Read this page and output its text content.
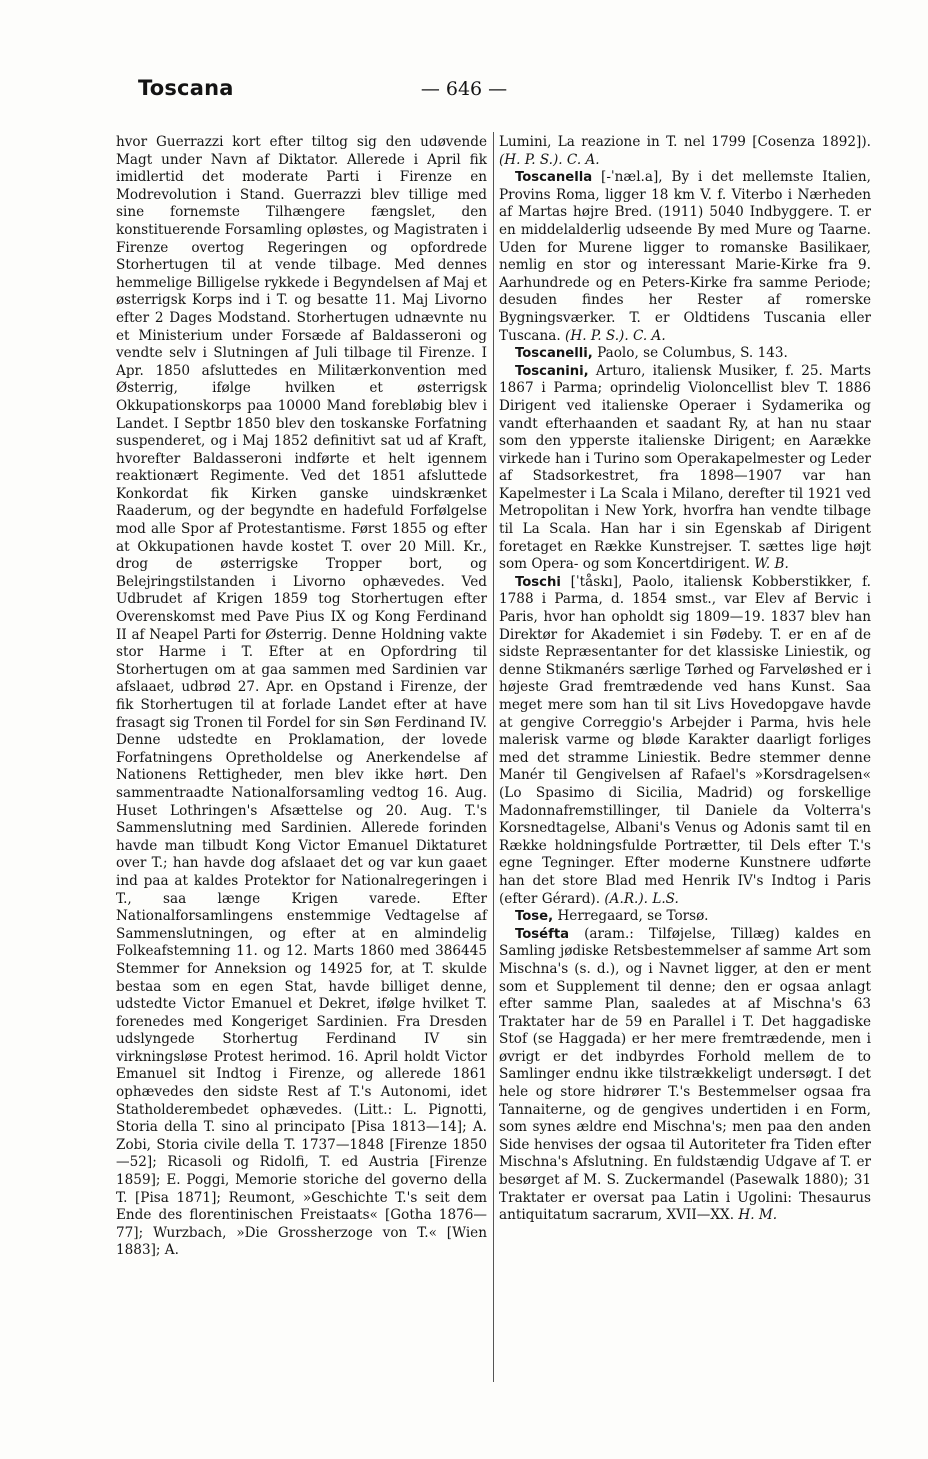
Toscana	— 646 —

hvor Guerrazzi kort efter tiltog sig den udøvende Magt under Navn af Diktator. Allerede i April fik imidlertid det moderate Parti i Firenze en Modrevolution i Stand. Guerrazzi blev tillige med sine fornemste Tilhængere fængslet, den konstituerende Forsamling opløstes, og Magistraten i Firenze overtog Regeringen og opfordrede Storhertugen til at vende tilbage. Med dennes hemmelige Billigelse rykkede i Begyndelsen af Maj et østerrigsk Korps ind i T. og besatte 11. Maj Livorno efter 2 Dages Modstand. Storhertugen udnævnte nu et Ministerium under Forsæde af Baldasseroni og vendte selv i Slutningen af Juli tilbage til Firenze. I Apr. 1850 afsluttedes en Militærkonvention med Østerrig, ifølge hvilken et østerrigsk Okkupationskorps paa 10000 Mand forebløbig blev i Landet. I Septbr 1850 blev den toskanske Forfatning suspenderet, og i Maj 1852 definitivt sat ud af Kraft, hvorefter Baldasseroni indførte et helt igennem reaktionært Regimente. Ved det 1851 afsluttede Konkordat fik Kirken ganske uindskrænket Raaderum, og der begyndte en hadefuld Forfølgelse mod alle Spor af Protestantisme. Først 1855 og efter at Okkupationen havde kostet T. over 20 Mill. Kr., drog de østerrigske Tropper bort, og Belejringstilstanden i Livorno ophævedes. Ved Udbrudet af Krigen 1859 tog Storhertugen efter Overenskomst med Pave Pius IX og Kong Ferdinand II af Neapel Parti for Østerrig. Denne Holdning vakte stor Harme i T. Efter at en Opfordring til Storhertugen om at gaa sammen med Sardinien var afslaaet, udbrød 27. Apr. en Opstand i Firenze, der fik Storhertugen til at forlade Landet efter at have frasagt sig Tronen til Fordel for sin Søn Ferdinand IV. Denne udstedte en Proklamation, der lovede Forfatningens Opretholdelse og Anerkendelse af Nationens Rettigheder, men blev ikke hørt. Den sammentraadte Nationalforsamling vedtog 16. Aug. Huset Lothringen's Afsættelse og 20. Aug. T.'s Sammenslutning med Sardinien. Allerede forinden havde man tilbudt Kong Victor Emanuel Diktaturet over T.; han havde dog afslaaet det og var kun gaaet ind paa at kaldes Protektor for Nationalregeringen i T., saa længe Krigen varede. Efter Nationalforsamlingens enstemmige Vedtagelse af Sammenslutningen, og efter at en almindelig Folkeafstemning 11. og 12. Marts 1860 med 386445 Stemmer for Anneksion og 14925 for, at T. skulde bestaa som en egen Stat, havde billiget denne, udstedte Victor Emanuel et Dekret, ifølge hvilket T. forenedes med Kongeriget Sardinien. Fra Dresden udslyngede Storhertug Ferdinand IV sin virkningsløse Protest herimod. 16. April holdt Victor Emanuel sit Indtog i Firenze, og allerede 1861 ophævedes den sidste Rest af T.'s Autonomi, idet Statholderembedet ophævedes. (Litt.: L. Pignotti, Storia della T. sino al principato [Pisa 1813—14]; A. Zobi, Storia civile della T. 1737—1848 [Firenze 1850—52]; Ricasoli og Ridolfi, T. ed Austria [Firenze 1859]; E. Poggi, Memorie storiche del governo della T. [Pisa 1871]; Reumont, »Geschichte T.'s seit dem Ende des florentinischen Freistaats« [Gotha 1876—77]; Wurzbach, »Die Grossherzoge von T.« [Wien 1883]; A.

Lumini, La reazione in T. nel 1799 [Cosenza 1892]). (H. P. S.). C. A.

Toscanella [-ˈnæl.a], By i det mellemste Italien, Provins Roma, ligger 18 km V. f. Viterbo i Nærheden af Martas højre Bred. (1911) 5040 Indbyggere. T. er en middelalderlig udseende By med Mure og Taarne. Uden for Murene ligger to romanske Basilikaer, nemlig en stor og interessant Marie-Kirke fra 9. Aarhundrede og en Peters-Kirke fra samme Periode; desuden findes her Rester af romerske Bygningsværker. T. er Oldtidens Tuscania eller Tuscana. (H. P. S.). C. A.

Toscanelli, Paolo, se Columbus, S. 143.

Toscanini, Arturo, italiensk Musiker, f. 25. Marts 1867 i Parma; oprindelig Violoncellist blev T. 1886 Dirigent ved italienske Operaer i Sydamerika og vandt efterhaanden et saadant Ry, at han nu staar som den ypperste italienske Dirigent; en Aarække virkede han i Turino som Operakapelmester og Leder af Stadsorkestret, fra 1898—1907 var han Kapelmester i La Scala i Milano, derefter til 1921 ved Metropolitan i New York, hvorfra han vendte tilbage til La Scala. Han har i sin Egenskab af Dirigent foretaget en Række Kunstrejser. T. sættes lige højt som Opera- og som Koncertdirigent. W. B.

Toschi [ˈtåskı], Paolo, italiensk Kobberstikker, f. 1788 i Parma, d. 1854 smst., var Elev af Bervic i Paris, hvor han opholdt sig 1809—19. 1837 blev han Direktør for Akademiet i sin Fødeby. T. er en af de sidste Repræsentanter for det klassiske Liniestik, og denne Stikmanérs særlige Tørhed og Farveløshed er i højeste Grad fremtrædende ved hans Kunst. Saa meget mere som han til sit Livs Hovedopgave havde at gengive Correggio's Arbejder i Parma, hvis hele malerisk varme og bløde Karakter daarligt forliges med det stramme Liniestik. Bedre stemmer denne Manér til Gengivelsen af Rafael's »Korsdragelsen« (Lo Spasimo di Sicilia, Madrid) og forskellige Madonnafremstillinger, til Daniele da Volterra's Korsnedtagelse, Albani's Venus og Adonis samt til en Række holdningsfulde Portrætter, til Dels efter T.'s egne Tegninger. Efter moderne Kunstnere udførte han det store Blad med Henrik IV's Indtog i Paris (efter Gérard). (A.R.). L.S.

Tose, Herregaard, se Torsø.

Toséfta (aram.: Tilføjelse, Tillæg) kaldes en Samling jødiske Retsbestemmelser af samme Art som Mischna's (s. d.), og i Navnet ligger, at den er ment som et Supplement til denne; den er ogsaa anlagt efter samme Plan, saaledes at af Mischna's 63 Traktater har de 59 en Parallel i T. Det haggadiske Stof (se Haggada) er her mere fremtrædende, men i øvrigt er det indbyrdes Forhold mellem de to Samlinger endnu ikke tilstrækkeligt undersøgt. I det hele og store hidrører T.'s Bestemmelser ogsaa fra Tannaiterne, og de gengives undertiden i en Form, som synes ældre end Mischna's; men paa den anden Side henvises der ogsaa til Autoriteter fra Tiden efter Mischna's Afslutning. En fuldstændig Udgave af T. er besørget af M. S. Zuckermandel (Pasewalk 1880); 31 Traktater er oversat paa Latin i Ugolini: Thesaurus antiquitatum sacrarum, XVII—XX. H. M.
